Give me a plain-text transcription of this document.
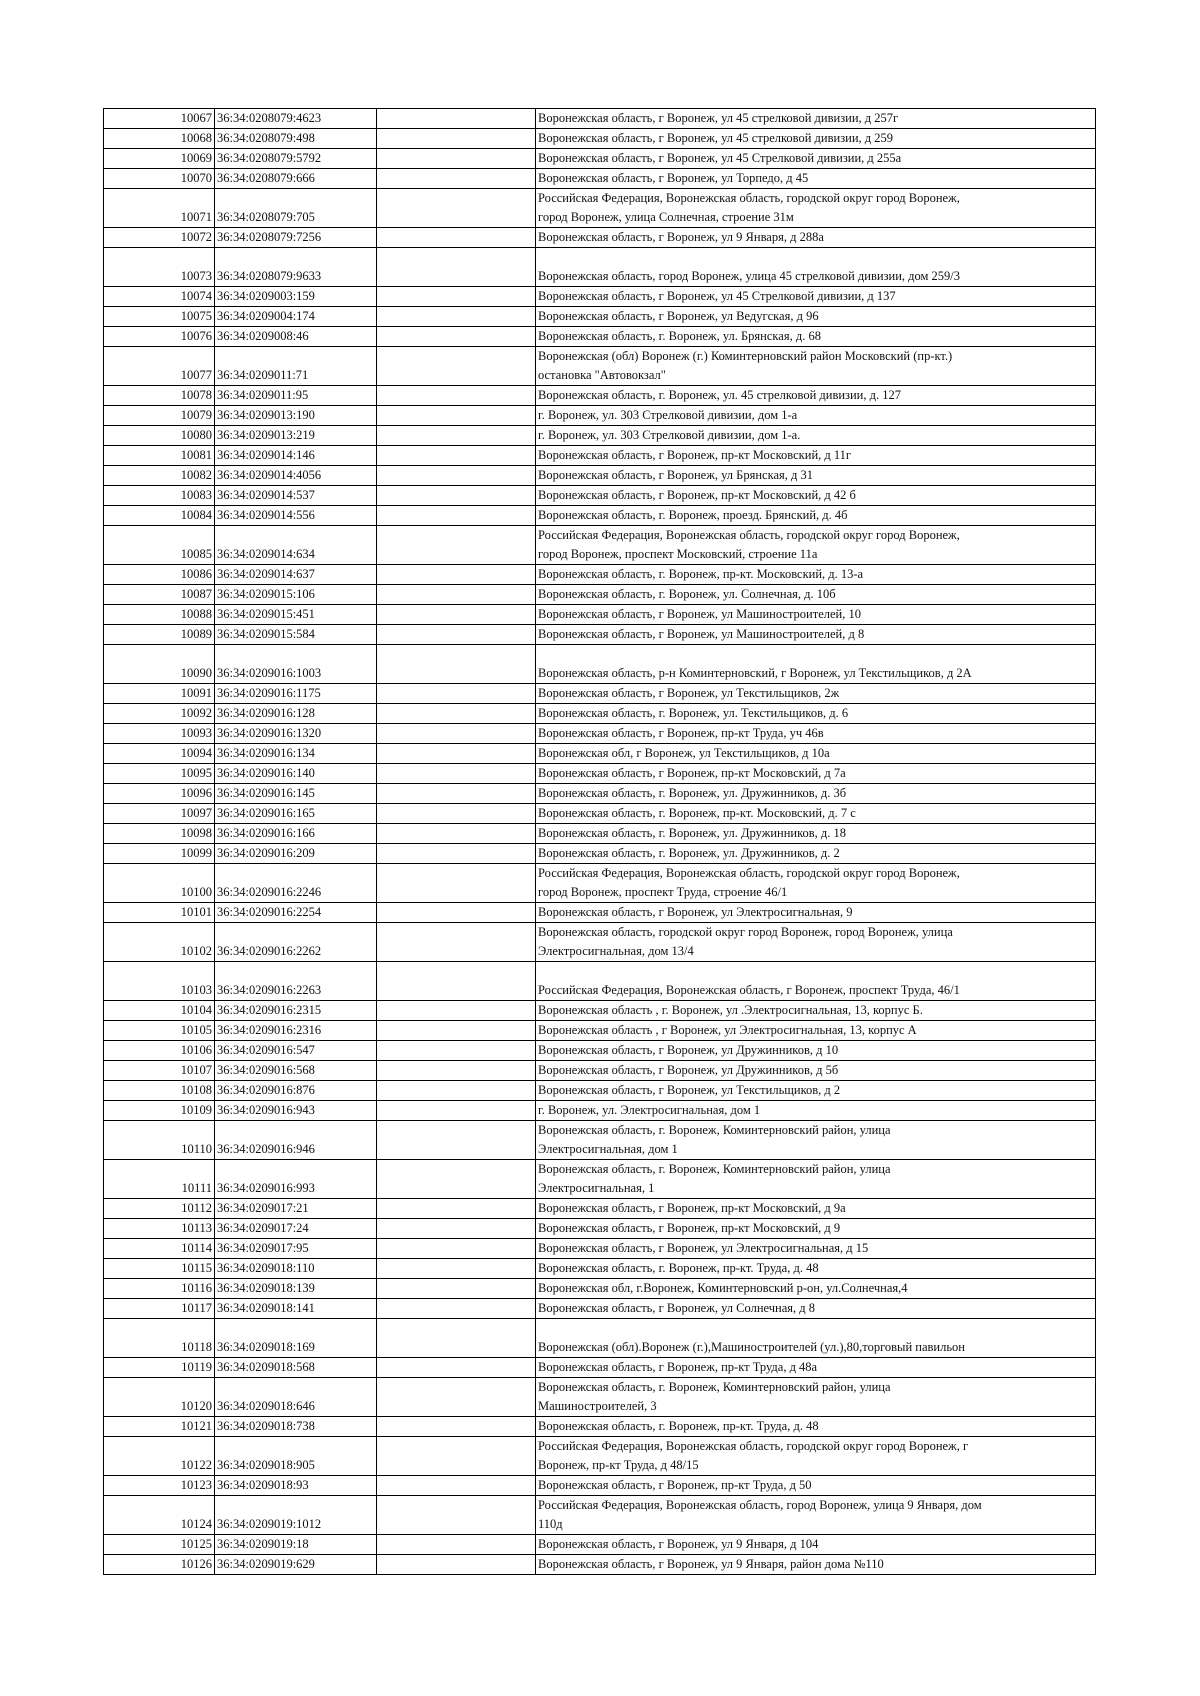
10067	36:34:0208079:4623		Воронежская область, г Воронеж, ул 45 стрелковой дивизии, д 257г
10068	36:34:0208079:498		Воронежская область, г Воронеж, ул 45 стрелковой дивизии, д 259
10069	36:34:0208079:5792		Воронежская область, г Воронеж, ул 45 Стрелковой дивизии, д 255а
10070	36:34:0208079:666		Воронежская область, г Воронеж, ул Торпедо, д 45
10071	36:34:0208079:705		Российская Федерация, Воронежская область, городской округ город Воронеж,
город Воронеж, улица Солнечная, строение 31м
10072	36:34:0208079:7256		Воронежская область, г Воронеж, ул 9 Января, д 288а
10073	36:34:0208079:9633		Воронежская область, город Воронеж, улица 45 стрелковой дивизии, дом 259/3
10074	36:34:0209003:159		Воронежская область, г Воронеж, ул 45 Стрелковой дивизии, д 137
10075	36:34:0209004:174		Воронежская область, г Воронеж, ул Ведугская, д 96
10076	36:34:0209008:46		Воронежская область, г. Воронеж, ул. Брянская, д. 68
10077	36:34:0209011:71		Воронежская (обл) Воронеж (г.) Коминтерновский район Московский (пр-кт.)
остановка "Автовокзал"
10078	36:34:0209011:95		Воронежская область, г. Воронеж, ул. 45 стрелковой дивизии, д. 127
10079	36:34:0209013:190		г. Воронеж, ул. 303 Стрелковой дивизии, дом 1-а
10080	36:34:0209013:219		г. Воронеж, ул. 303 Стрелковой дивизии, дом 1-а.
10081	36:34:0209014:146		Воронежская область, г Воронеж, пр-кт Московский, д 11г
10082	36:34:0209014:4056		Воронежская область, г Воронеж, ул Брянская, д 31
10083	36:34:0209014:537		Воронежская область, г Воронеж, пр-кт Московский, д 42 б
10084	36:34:0209014:556		Воронежская область, г. Воронеж, проезд. Брянский, д. 4б
10085	36:34:0209014:634		Российская Федерация, Воронежская область, городской округ город Воронеж,
город Воронеж, проспект Московский, строение 11а
10086	36:34:0209014:637		Воронежская область, г. Воронеж, пр-кт. Московский, д. 13-а
10087	36:34:0209015:106		Воронежская область, г. Воронеж, ул. Солнечная, д. 10б
10088	36:34:0209015:451		Воронежская область, г Воронеж, ул Машиностроителей, 10
10089	36:34:0209015:584		Воронежская область, г Воронеж, ул Машиностроителей, д 8
10090	36:34:0209016:1003		Воронежская область, р-н Коминтерновский, г Воронеж, ул Текстильщиков, д 2А
10091	36:34:0209016:1175		Воронежская область, г Воронеж, ул Текстильщиков, 2ж
10092	36:34:0209016:128		Воронежская область, г. Воронеж, ул. Текстильщиков, д. 6
10093	36:34:0209016:1320		Воронежская область, г Воронеж, пр-кт Труда, уч 46в
10094	36:34:0209016:134		Воронежская обл, г Воронеж, ул Текстильщиков, д 10а
10095	36:34:0209016:140		Воронежская область, г Воронеж, пр-кт Московский, д 7а
10096	36:34:0209016:145		Воронежская область, г. Воронеж, ул. Дружинников, д. 3б
10097	36:34:0209016:165		Воронежская область, г. Воронеж, пр-кт. Московский, д. 7 с
10098	36:34:0209016:166		Воронежская область, г. Воронеж, ул. Дружинников, д. 18
10099	36:34:0209016:209		Воронежская область, г. Воронеж, ул. Дружинников, д. 2
10100	36:34:0209016:2246		Российская Федерация, Воронежская область, городской округ город Воронеж,
город Воронеж, проспект Труда, строение 46/1
10101	36:34:0209016:2254		Воронежская область, г Воронеж, ул Электросигнальная, 9
10102	36:34:0209016:2262		Воронежская область, городской округ город Воронеж, город Воронеж, улица
Электросигнальная, дом 13/4
10103	36:34:0209016:2263		Российская Федерация, Воронежская область, г Воронеж, проспект Труда, 46/1
10104	36:34:0209016:2315		Воронежская область , г. Воронеж, ул .Электросигнальная, 13, корпус Б.
10105	36:34:0209016:2316		Воронежская область , г Воронеж, ул Электросигнальная, 13, корпус А
10106	36:34:0209016:547		Воронежская область, г Воронеж, ул Дружинников, д 10
10107	36:34:0209016:568		Воронежская область, г Воронеж, ул Дружинников, д 5б
10108	36:34:0209016:876		Воронежская область, г Воронеж, ул Текстильщиков, д 2
10109	36:34:0209016:943		г. Воронеж, ул. Электросигнальная, дом 1
10110	36:34:0209016:946		Воронежская область, г. Воронеж, Коминтерновский район, улица
Электросигнальная, дом 1
10111	36:34:0209016:993		Воронежская область, г. Воронеж, Коминтерновский район, улица
Электросигнальная, 1
10112	36:34:0209017:21		Воронежская область, г Воронеж, пр-кт Московский, д 9а
10113	36:34:0209017:24		Воронежская область, г Воронеж, пр-кт Московский, д 9
10114	36:34:0209017:95		Воронежская область, г Воронеж, ул Электросигнальная, д 15
10115	36:34:0209018:110		Воронежская область, г. Воронеж, пр-кт. Труда, д. 48
10116	36:34:0209018:139		Воронежская обл, г.Воронеж, Коминтерновский р-он, ул.Солнечная,4
10117	36:34:0209018:141		Воронежская область, г Воронеж, ул Солнечная, д 8
10118	36:34:0209018:169		Воронежская (обл).Воронеж (г.),Машиностроителей (ул.),80,торговый павильон
10119	36:34:0209018:568		Воронежская область, г Воронеж, пр-кт Труда, д 48а
10120	36:34:0209018:646		Воронежская область, г. Воронеж, Коминтерновский район, улица
Машиностроителей, 3
10121	36:34:0209018:738		Воронежская область, г. Воронеж, пр-кт. Труда, д. 48
10122	36:34:0209018:905		Российская Федерация, Воронежская область, городской округ город Воронеж, г
Воронеж, пр-кт Труда, д 48/15
10123	36:34:0209018:93		Воронежская область, г Воронеж, пр-кт Труда, д 50
10124	36:34:0209019:1012		Российская Федерация, Воронежская область, город Воронеж, улица 9 Января, дом
110д
10125	36:34:0209019:18		Воронежская область, г Воронеж, ул 9 Января, д 104
10126	36:34:0209019:629		Воронежская область, г Воронеж, ул 9 Января, район дома №110
